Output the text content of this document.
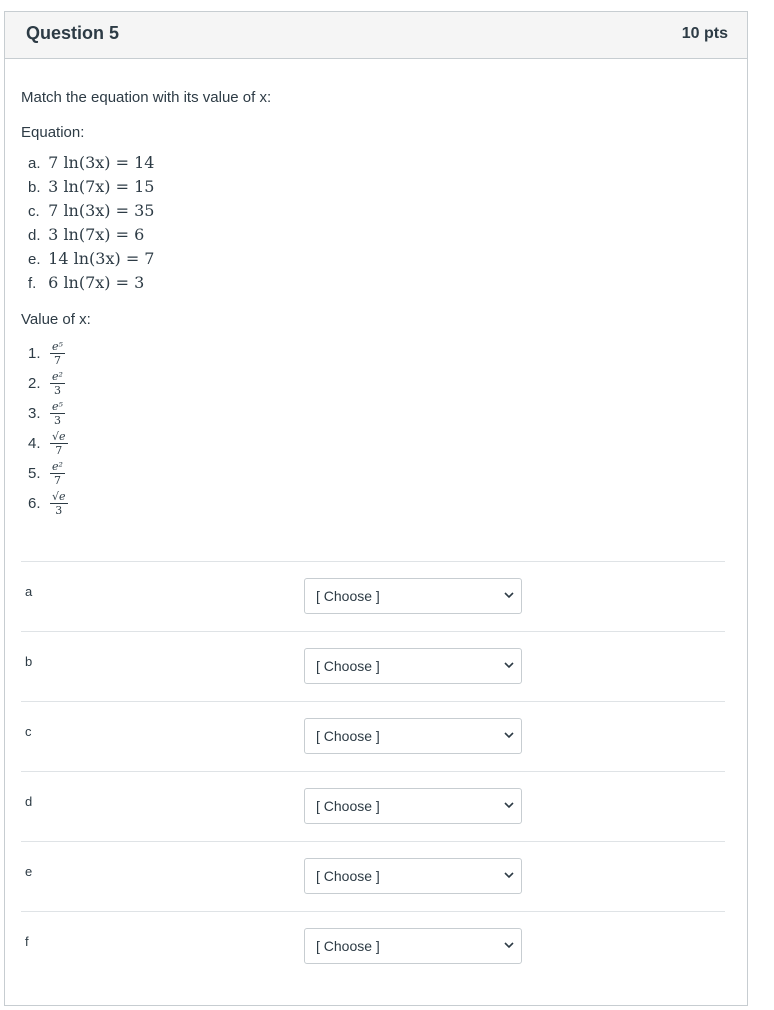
Question 5	10 pts
Match the equation with its value of x:
Equation:
a. 7 ln(3x) = 14
b. 3 ln(7x) = 15
c. 7 ln(3x) = 35
d. 3 ln(7x) = 6
e. 14 ln(3x) = 7
f. 6 ln(7x) = 3
Value of x:
1. $\frac{\text{e⁵}}{7}$
2. $\frac{\text{e²}}{3}$
3. $\frac{\text{e⁵}}{3}$
4. $\frac{√e}{7}$
5. $\frac{\text{e²}}{7}$
6. $\frac{√e}{3}$
a	[ Choose ]
b	[ Choose ]
c	[ Choose ]
d	[ Choose ]
e	[ Choose ]
f	[ Choose ]
